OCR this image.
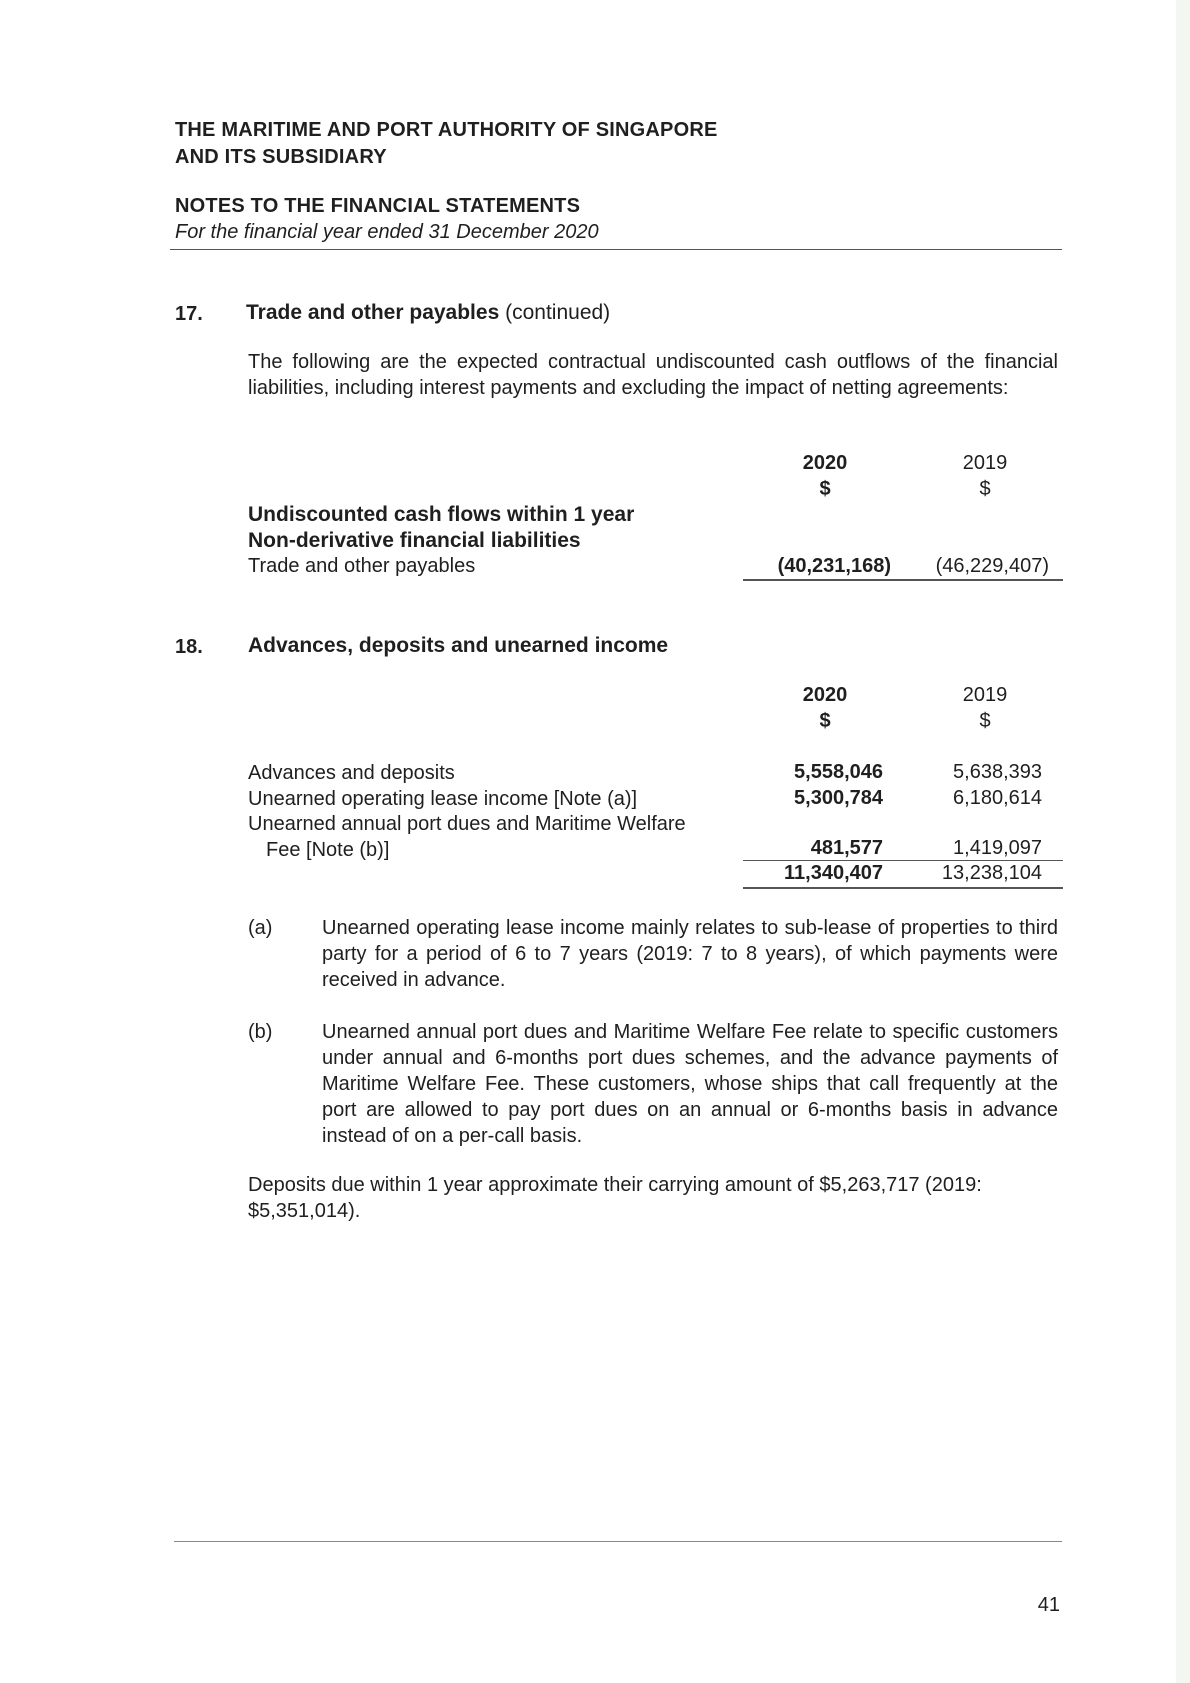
THE MARITIME AND PORT AUTHORITY OF SINGAPORE
AND ITS SUBSIDIARY
NOTES TO THE FINANCIAL STATEMENTS
For the financial year ended 31 December 2020
17. Trade and other payables (continued)
The following are the expected contractual undiscounted cash outflows of the financial liabilities, including interest payments and excluding the impact of netting agreements:
2020	2019
$	$
Undiscounted cash flows within 1 year
Non-derivative financial liabilities
Trade and other payables	(40,231,168)	(46,229,407)
18. Advances, deposits and unearned income
2020	2019
$	$
Advances and deposits	5,558,046	5,638,393
Unearned operating lease income [Note (a)]	5,300,784	6,180,614
Unearned annual port dues and Maritime Welfare
Fee [Note (b)]	481,577	1,419,097
11,340,407	13,238,104
(a) Unearned operating lease income mainly relates to sub-lease of properties to third party for a period of 6 to 7 years (2019: 7 to 8 years), of which payments were received in advance.
(b) Unearned annual port dues and Maritime Welfare Fee relate to specific customers under annual and 6-months port dues schemes, and the advance payments of Maritime Welfare Fee. These customers, whose ships that call frequently at the port are allowed to pay port dues on an annual or 6-months basis in advance instead of on a per-call basis.
Deposits due within 1 year approximate their carrying amount of $5,263,717 (2019: $5,351,014).
41
